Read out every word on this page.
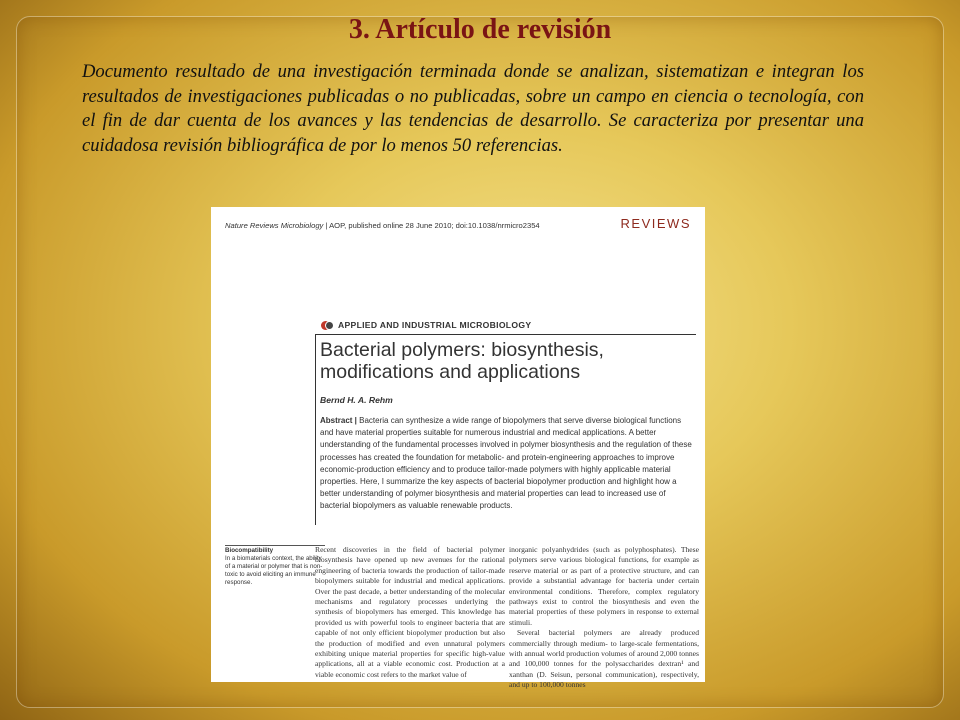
3. Artículo de revisión
Documento resultado de una investigación terminada donde se analizan, sistematizan e integran los resultados de investigaciones publicadas o no publicadas, sobre un campo en ciencia o tecnología, con el fin de dar cuenta de los avances y las tendencias de desarrollo. Se caracteriza por presentar una cuidadosa revisión bibliográfica de por lo menos 50 referencias.
Nature Reviews Microbiology | AOP, published online 28 June 2010; doi:10.1038/nrmicro2354	REVIEWS
APPLIED AND INDUSTRIAL MICROBIOLOGY
Bacterial polymers: biosynthesis, modifications and applications
Bernd H. A. Rehm
Abstract | Bacteria can synthesize a wide range of biopolymers that serve diverse biological functions and have material properties suitable for numerous industrial and medical applications. A better understanding of the fundamental processes involved in polymer biosynthesis and the regulation of these processes has created the foundation for metabolic- and protein-engineering approaches to improve economic-production efficiency and to produce tailor-made polymers with highly applicable material properties. Here, I summarize the key aspects of bacterial biopolymer production and highlight how a better understanding of polymer biosynthesis and material properties can lead to increased use of bacterial biopolymers as valuable renewable products.
Biocompatibility
In a biomaterials context, the ability of a material or polymer that is non-toxic to avoid eliciting an immune response.
Recent discoveries in the field of bacterial polymer biosynthesis have opened up new avenues for the rational engineering of bacteria towards the production of tailor-made biopolymers suitable for industrial and medical applications. Over the past decade, a better understanding of the molecular mechanisms and regulatory processes underlying the synthesis of biopolymers has emerged. This knowledge has provided us with powerful tools to engineer bacteria that are capable of not only efficient biopolymer production but also the production of modified and even unnatural polymers exhibiting unique material properties for specific high-value applications, all at a viable economic cost. Production at a viable economic cost refers to the market value of
inorganic polyanhydrides (such as polyphosphates). These polymers serve various biological functions, for example as reserve material or as part of a protective structure, and can provide a substantial advantage for bacteria under certain environmental conditions. Therefore, complex regulatory pathways exist to control the biosynthesis and even the material properties of these polymers in response to external stimuli.
Several bacterial polymers are already produced commercially through medium- to large-scale fermentations, with annual world production volumes of around 2,000 tonnes and 100,000 tonnes for the polysaccharides dextran¹ and xanthan (D. Seisun, personal communication), respectively, and up to 100,000 tonnes
